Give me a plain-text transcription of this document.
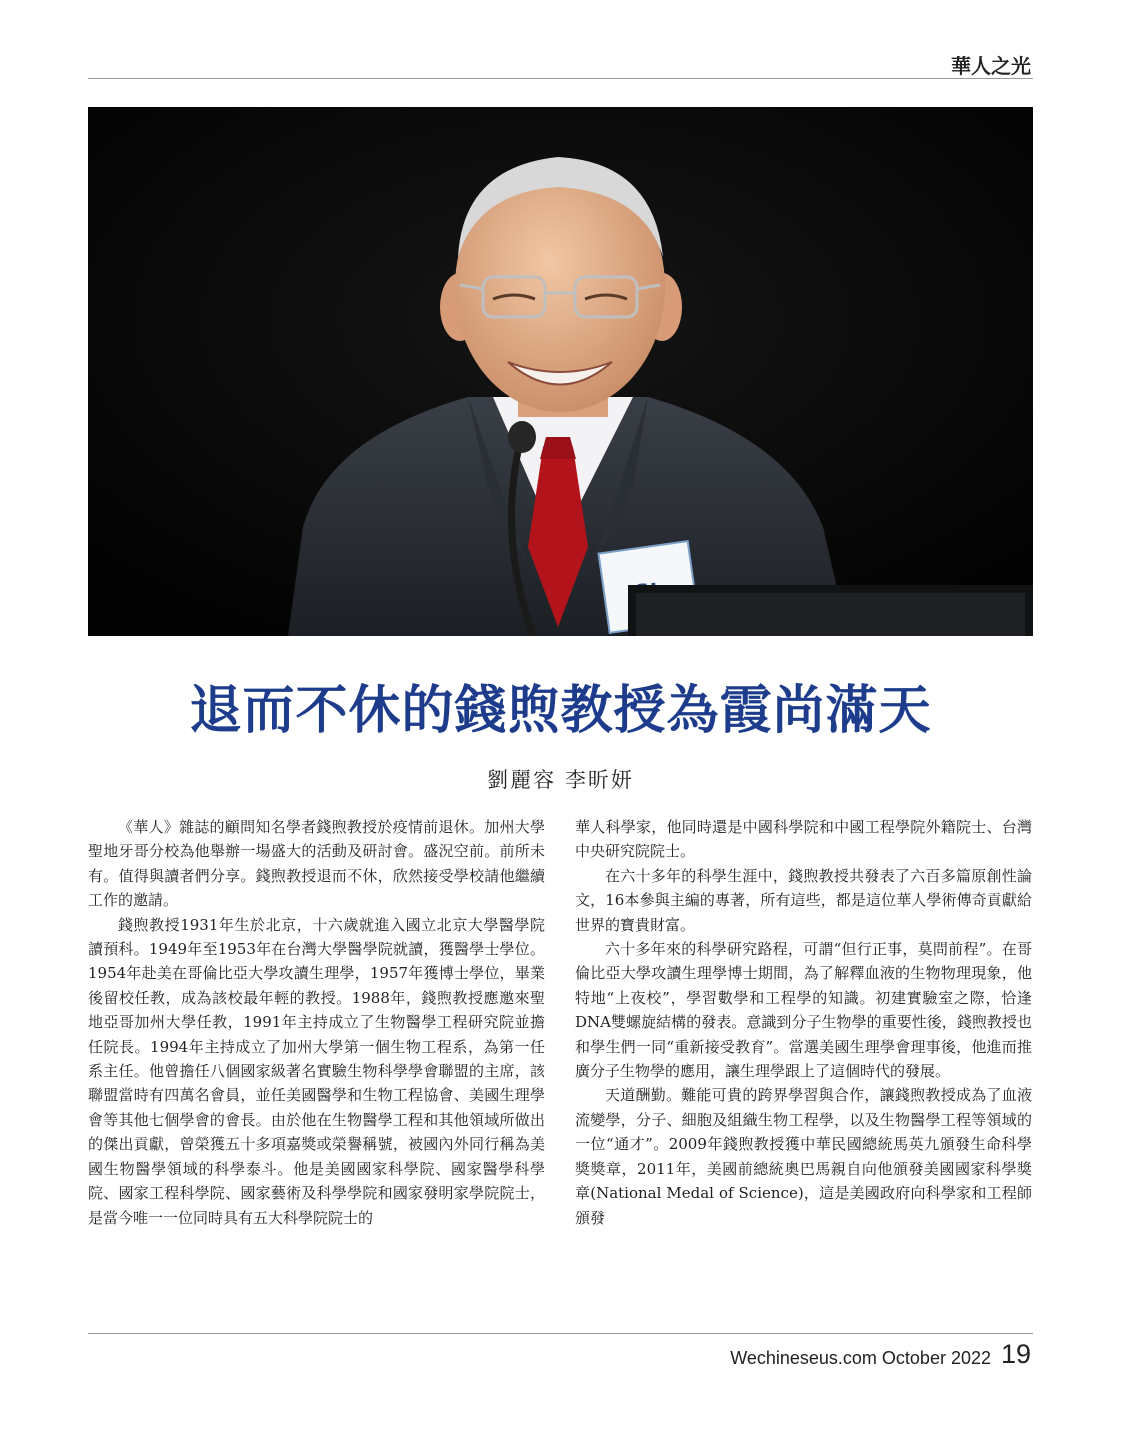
華人之光
退而不休的錢煦教授為霞尚滿天

劉麗容 李昕妍

《華人》雜誌的顧問知名學者錢煦教授於疫情前退休。加州大學聖地牙哥分校為他舉辦一場盛大的活動及研討會。盛況空前。前所未有。值得與讀者們分享。錢煦教授退而不休，欣然接受學校請他繼續工作的邀請。

錢煦教授1931年生於北京，十六歲就進入國立北京大學醫學院讀預科。1949年至1953年在台灣大學醫學院就讀，獲醫學士學位。1954年赴美在哥倫比亞大學攻讀生理學，1957年獲博士學位，畢業後留校任教，成為該校最年輕的教授。1988年，錢煦教授應邀來聖地亞哥加州大學任教，1991年主持成立了生物醫學工程研究院並擔任院長。1994年主持成立了加州大學第一個生物工程系，為第一任系主任。他曾擔任八個國家級著名實驗生物科學學會聯盟的主席，該聯盟當時有四萬名會員，並任美國醫學和生物工程協會、美國生理學會等其他七個學會的會長。由於他在生物醫學工程和其他領域所做出的傑出貢獻，曾榮獲五十多項嘉獎或榮譽稱號，被國內外同行稱為美國生物醫學領域的科學泰斗。他是美國國家科學院、國家醫學科學院、國家工程科學院、國家藝術及科學學院和國家發明家學院院士，是當今唯一一位同時具有五大科學院院士的

華人科學家，他同時還是中國科學院和中國工程學院外籍院士、台灣中央研究院院士。

在六十多年的科學生涯中，錢煦教授共發表了六百多篇原創性論文，16本參與主編的專著，所有這些，都是這位華人學術傳奇貢獻給世界的寶貴財富。

六十多年來的科學研究路程，可謂“但行正事，莫問前程”。在哥倫比亞大學攻讀生理學博士期間，為了解釋血液的生物物理現象，他特地“上夜校”，學習數學和工程學的知識。初建實驗室之際，恰逢DNA雙螺旋結構的發表。意識到分子生物學的重要性後，錢煦教授也和學生們一同“重新接受教育”。當選美國生理學會理事後，他進而推廣分子生物學的應用，讓生理學跟上了這個時代的發展。

天道酬勤。難能可貴的跨界學習與合作，讓錢煦教授成為了血液流變學，分子、細胞及組織生物工程學，以及生物醫學工程等領域的一位“通才”。2009年錢煦教授獲中華民國總統馬英九頒發生命科學獎獎章，2011年，美國前總統奧巴馬親自向他頒發美國國家科學獎章(National Medal of Science)，這是美國政府向科學家和工程師頒發

Wechineseus.com October 2022 19
